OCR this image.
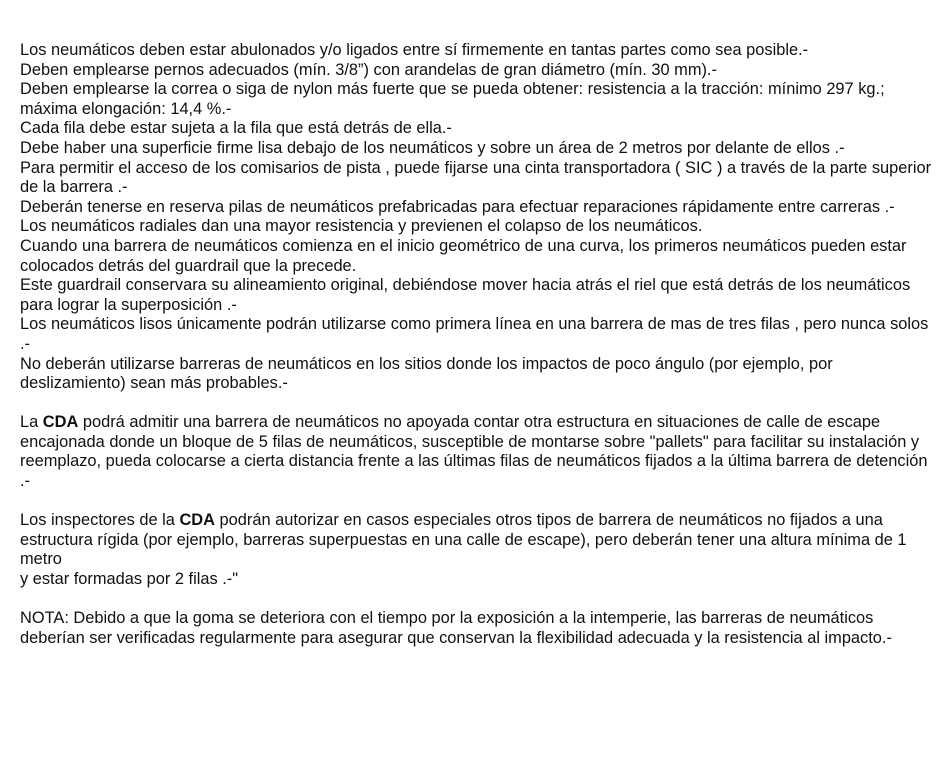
Los neumáticos deben estar abulonados y/o ligados entre sí firmemente en tantas partes como sea posible.-
Deben emplearse pernos adecuados (mín. 3/8”) con arandelas de gran diámetro (mín. 30 mm).-
Deben emplearse la correa o siga de nylon más fuerte que se pueda obtener: resistencia a la tracción: mínimo 297 kg.; máxima elongación: 14,4 %.-
Cada fila debe estar sujeta a la fila que está detrás de ella.-
Debe haber una superficie firme lisa debajo de los neumáticos y sobre un área de 2 metros por delante de ellos .-
Para permitir el acceso de los comisarios de pista , puede fijarse una cinta transportadora ( SIC ) a través de la parte superior de la barrera .-
Deberán tenerse en reserva pilas de neumáticos prefabricadas para efectuar reparaciones rápidamente entre carreras .-
Los neumáticos radiales dan una mayor resistencia y previenen el colapso de los neumáticos.
Cuando una barrera de neumáticos comienza en el inicio geométrico de una curva, los primeros neumáticos pueden estar colocados detrás del guardrail que la precede.
Este guardrail conservara su alineamiento original, debiéndose mover hacia atrás el riel que está detrás de los neumáticos para lograr la superposición .-
Los neumáticos lisos únicamente podrán utilizarse como primera línea en una barrera de mas de tres filas , pero nunca solos .-
No deberán utilizarse barreras de neumáticos en los sitios donde los impactos de poco ángulo (por ejemplo, por deslizamiento) sean más probables.-
La CDA podrá admitir una barrera de neumáticos no apoyada contar otra estructura en situaciones de calle de escape encajonada donde un bloque de 5 filas de neumáticos, susceptible de montarse sobre "pallets" para facilitar su instalación y reemplazo, pueda colocarse a cierta distancia frente a las últimas filas de neumáticos fijados a la última barrera de detención .-
Los inspectores de la CDA podrán autorizar en casos especiales otros tipos de barrera de neumáticos no fijados a una estructura rígida (por ejemplo, barreras superpuestas en una calle de escape), pero deberán tener una altura mínima de 1 metro
y estar formadas por 2 filas .-"
NOTA: Debido a que la goma se deteriora con el tiempo por la exposición a la intemperie, las barreras de neumáticos deberían ser verificadas regularmente para asegurar que conservan la flexibilidad adecuada y la resistencia al impacto.-
